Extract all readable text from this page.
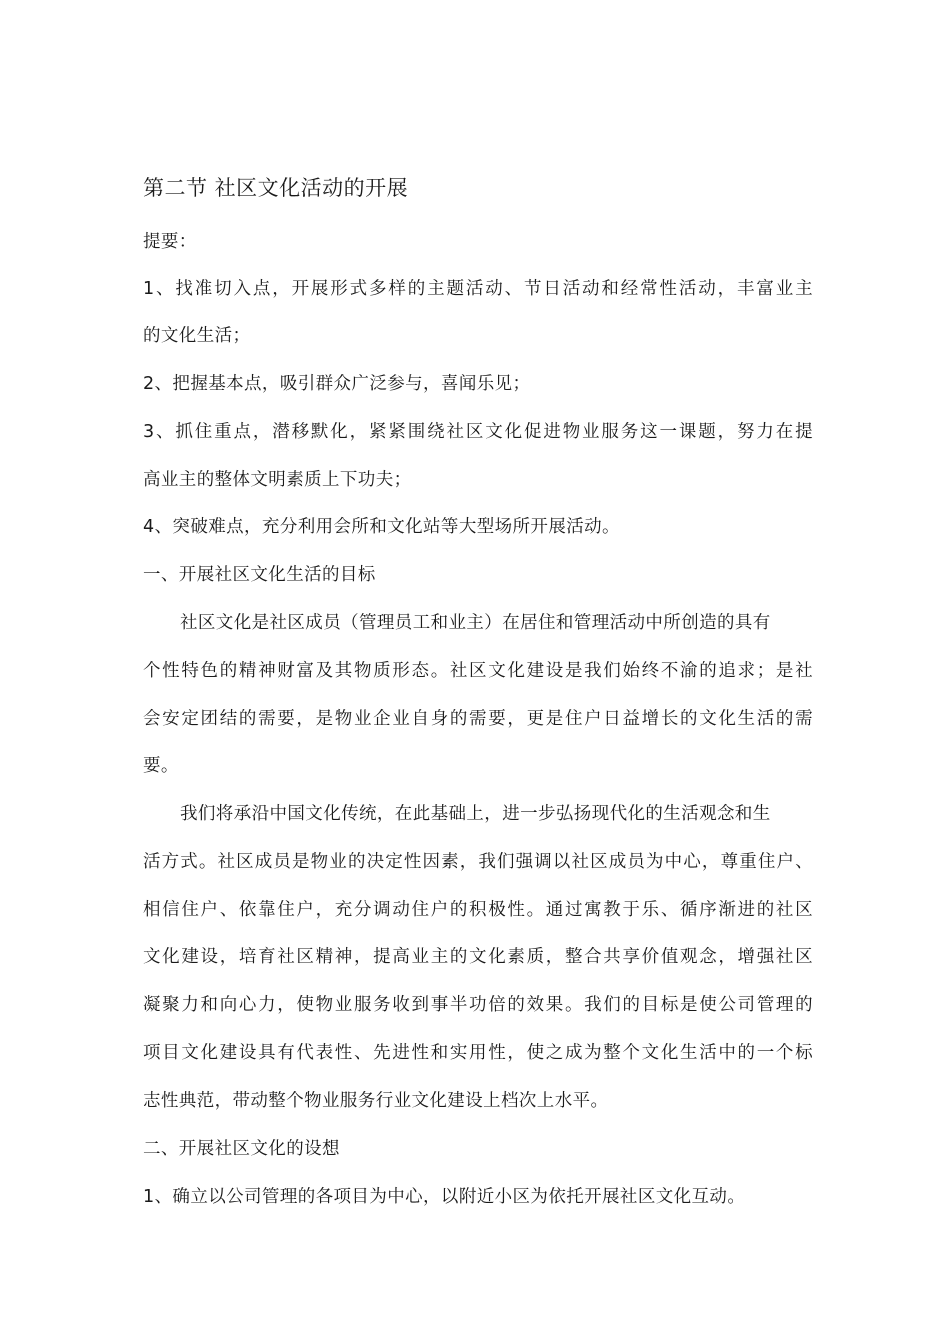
第二节 社区文化活动的开展
提要：
1、找准切入点，开展形式多样的主题活动、节日活动和经常性活动，丰富业主
的文化生活；
2、把握基本点，吸引群众广泛参与，喜闻乐见；
3、抓住重点，潜移默化，紧紧围绕社区文化促进物业服务这一课题，努力在提
高业主的整体文明素质上下功夫；
4、突破难点，充分利用会所和文化站等大型场所开展活动。
一、开展社区文化生活的目标
社区文化是社区成员（管理员工和业主）在居住和管理活动中所创造的具有
个性特色的精神财富及其物质形态。社区文化建设是我们始终不渝的追求；是社
会安定团结的需要，是物业企业自身的需要，更是住户日益增长的文化生活的需
要。
我们将承沿中国文化传统，在此基础上，进一步弘扬现代化的生活观念和生
活方式。社区成员是物业的决定性因素，我们强调以社区成员为中心，尊重住户、
相信住户、依靠住户，充分调动住户的积极性。通过寓教于乐、循序渐进的社区
文化建设，培育社区精神，提高业主的文化素质，整合共享价值观念，增强社区
凝聚力和向心力，使物业服务收到事半功倍的效果。我们的目标是使公司管理的
项目文化建设具有代表性、先进性和实用性，使之成为整个文化生活中的一个标
志性典范，带动整个物业服务行业文化建设上档次上水平。
二、开展社区文化的设想
1、确立以公司管理的各项目为中心，以附近小区为依托开展社区文化互动。
